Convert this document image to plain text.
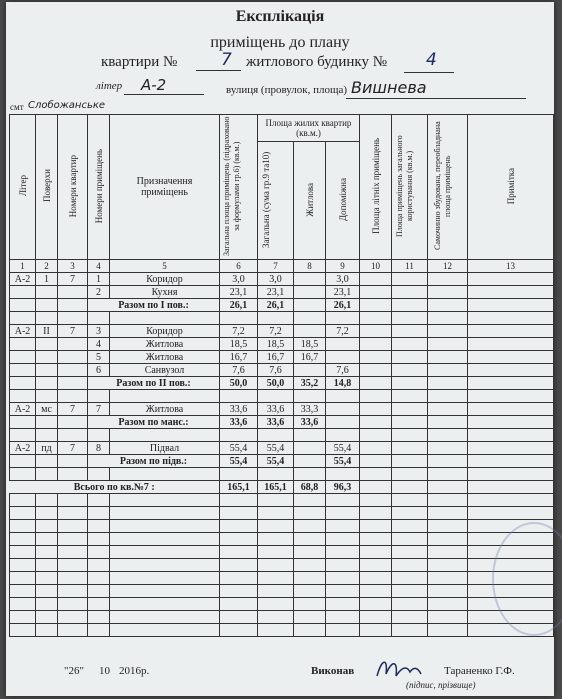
Експлікація
приміщень до плану
квартири №	7 житлового будинку № 4
літер А-2	вулиця (провулок, площа) Вишнева
смт Слобожанське
Літер	Поверхи	Номери квартир	Номери приміщень	Призначення приміщень	Загальна площа приміщень (підраховано за формулами гр.6) (кв.м.)	Площа жилих квартир
(кв.м.)			Площа літніх приміщень	Площа приміщень загального користування (кв.м.)	Самочинно збудована, переобладнана площа приміщень	Примітка
						Загальна (сума гр.9 та10)	Житлова	Допоміжна				
1	2	3	4	5	6	7	8	9	10	11	12	13
А-2	1	7	1	Коридор	3,0	3,0		3,0				
			2	Кухня	23,1	23,1		23,1				
			Разом по І пов.:		26,1	26,1		26,1				

А-2	ІІ	7	3	Коридор	7,2	7,2		7,2				
			4	Житлова	18,5	18,5	18,5					
			5	Житлова	16,7	16,7	16,7					
			6	Санвузол	7,6	7,6		7,6				
			Разом по ІІ пов.:		50,0	50,0	35,2	14,8				

А-2	мс	7	7	Житлова	33,6	33,6	33,3					
			Разом по манс.:		33,6	33,6	33,6					

А-2	пд	7	8	Підвал	55,4	55,4		55,4				
			Разом по підв.:		55,4	55,4		55,4				

Всього по кв.№7 :					165,1	165,1	68,8	96,3				

"26" 10 2016р.	Виконав	Тараненко Г.Ф.
(підпис, прізвище)
